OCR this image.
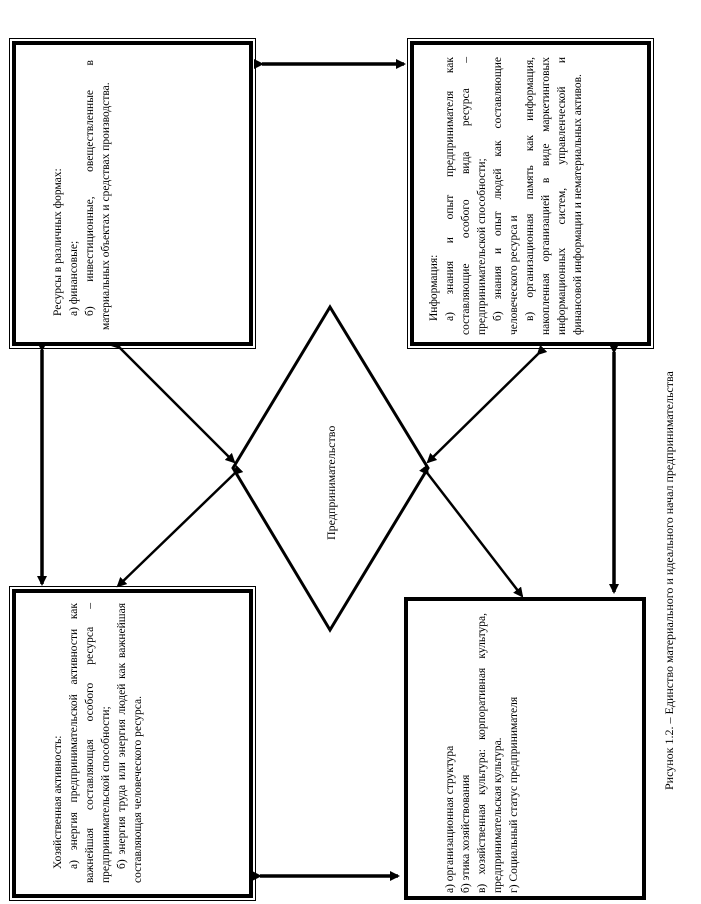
Ресурсы в различных формах: а) финансовые; б) инвестиционные, овеществленные в материальных объектах и средствах производства.	Информация: а) знания и опыт предпринимателя как составляющие особого вида ресурса – предпринимательской способности; б) знания и опыт людей как составляющие человеческого ресурса и в) организационная память как информация, накопленная организацией в виде маркетинговых информационных систем, управленческой и финансовой информации и нематериальных активов.

Хозяйственная активность: а) энергия предпринимательской активности как важнейшая составляющая особого ресурса – предпринимательской способности; б) энергия труда или энергия людей как важнейшая составляющая человеческого ресурса.	а) организационная структура б) этика хозяйствования в) хозяйственная культура: корпоративная культура, предпринимательская культура. г) Социальный статус предпринимателя

Предпринимательство	Рисунок 1.2. – Единство материального и идеального начал предпринимательства
